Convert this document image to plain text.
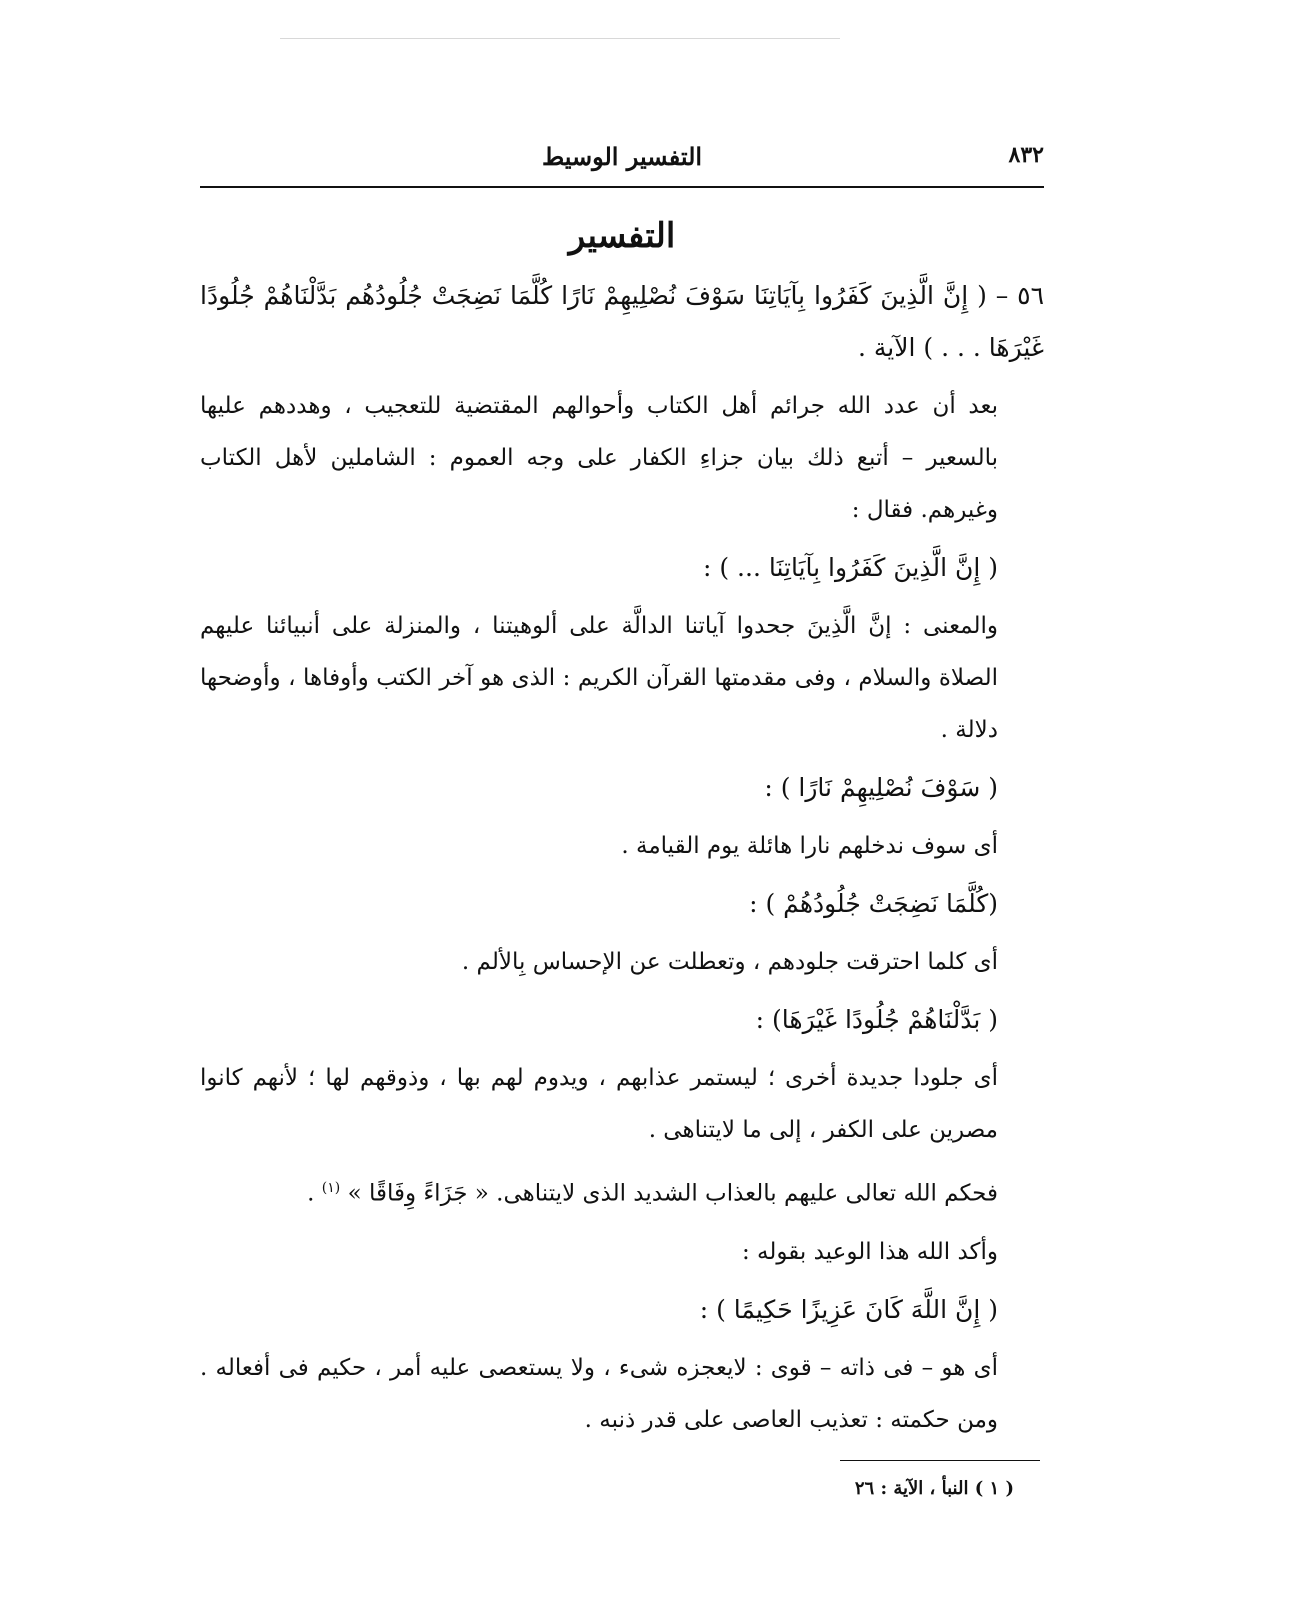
٨٣٢
التفسير الوسيط
التفسير

٥٦ – ( إِنَّ الَّذِينَ كَفَرُوا بِآيَاتِنَا سَوْفَ نُصْلِيهِمْ نَارًا كُلَّمَا نَضِجَتْ جُلُودُهُم بَدَّلْنَاهُمْ جُلُودًا غَيْرَهَا . . . ) الآية .

بعد أن عدد الله جرائم أهل الكتاب وأحوالهم المقتضية للتعجيب ، وهددهم عليها بالسعير – أتبع ذلك بيان جزاءِ الكفار على وجه العموم : الشاملين لأهل الكتاب وغيرهم. فقال :

( إِنَّ الَّذِينَ كَفَرُوا بِآيَاتِنَا ... ) :

والمعنى : إنَّ الَّذِينَ جحدوا آياتنا الدالَّة على ألوهيتنا ، والمنزلة على أنبيائنا عليهم الصلاة والسلام ، وفى مقدمتها القرآن الكريم : الذى هو آخر الكتب وأوفاها ، وأوضحها دلالة .

( سَوْفَ نُصْلِيهِمْ نَارًا ) :

أى سوف ندخلهم نارا هائلة يوم القيامة .

(كُلَّمَا نَضِجَتْ جُلُودُهُمْ ) :

أى كلما احترقت جلودهم ، وتعطلت عن الإحساس بِالألم .

( بَدَّلْنَاهُمْ جُلُودًا غَيْرَهَا) :

أى جلودا جديدة أخرى ؛ ليستمر عذابهم ، ويدوم لهم بها ، وذوقهم لها ؛ لأنهم كانوا مصرين على الكفر ، إلى ما لايتناهى .

فحكم الله تعالى عليهم بالعذاب الشديد الذى لايتناهى. « جَزَاءً وِفَاقًا » $^{(١)}$ .

وأكد الله هذا الوعيد بقوله :

( إِنَّ اللَّهَ كَانَ عَزِيزًا حَكِيمًا ) :

أى هو – فى ذاته – قوى : لايعجزه شىء ، ولا يستعصى عليه أمر ، حكيم فى أفعاله . ومن حكمته : تعذيب العاصى على قدر ذنبه .

( ١ ) النبأ ، الآية : ٢٦
